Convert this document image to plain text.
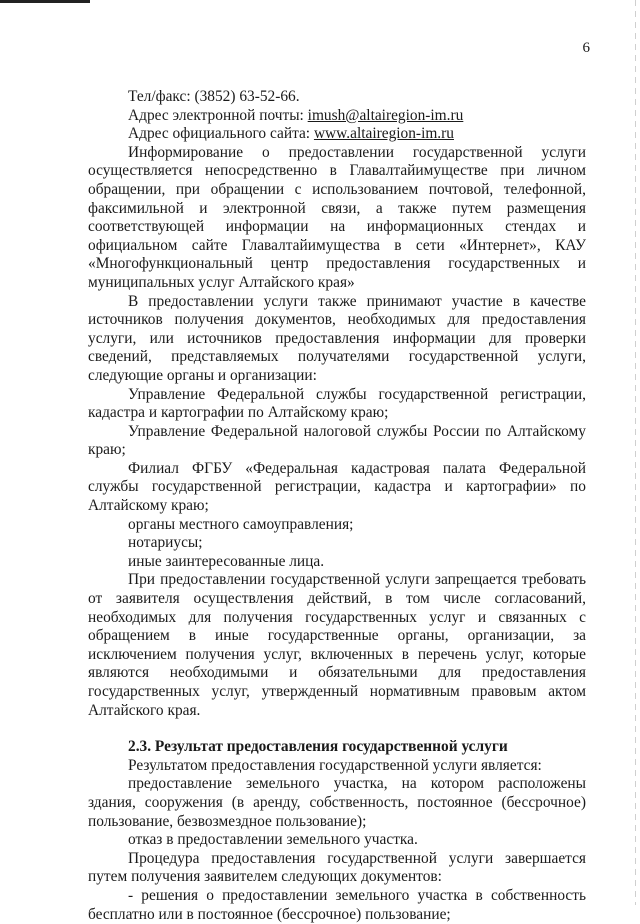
6

Тел/факс: (3852) 63-52-66.

Адрес электронной почты: imush@altairegion-im.ru

Адрес официального сайта: www.altairegion-im.ru

Информирование о предоставлении государственной услуги осуществляется непосредственно в Главалтайимуществе при личном обращении, при обращении с использованием почтовой, телефонной, факсимильной и электронной связи, а также путем размещения соответствующей информации на информационных стендах и официальном сайте Главалтайимущества в сети «Интернет», КАУ «Многофункциональный центр предоставления государственных и муниципальных услуг Алтайского края»

В предоставлении услуги также принимают участие в качестве источников получения документов, необходимых для предоставления услуги, или источников предоставления информации для проверки сведений, представляемых получателями государственной услуги, следующие органы и организации:

Управление Федеральной службы государственной регистрации, кадастра и картографии по Алтайскому краю;

Управление Федеральной налоговой службы России по Алтайскому краю;

Филиал ФГБУ «Федеральная кадастровая палата Федеральной службы государственной регистрации, кадастра и картографии» по Алтайскому краю;

органы местного самоуправления;

нотариусы;

иные заинтересованные лица.

При предоставлении государственной услуги запрещается требовать от заявителя осуществления действий, в том числе согласований, необходимых для получения государственных услуг и связанных с обращением в иные государственные органы, организации, за исключением получения услуг, включенных в перечень услуг, которые являются необходимыми и обязательными для предоставления государственных услуг, утвержденный нормативным правовым актом Алтайского края.

2.3. Результат предоставления государственной услуги

Результатом предоставления государственной услуги является:

предоставление земельного участка, на котором расположены здания, сооружения (в аренду, собственность, постоянное (бессрочное) пользование, безвозмездное пользование);

отказ в предоставлении земельного участка.

Процедура предоставления государственной услуги завершается путем получения заявителем следующих документов:

- решения о предоставлении земельного участка в собственность бесплатно или в постоянное (бессрочное) пользование;
